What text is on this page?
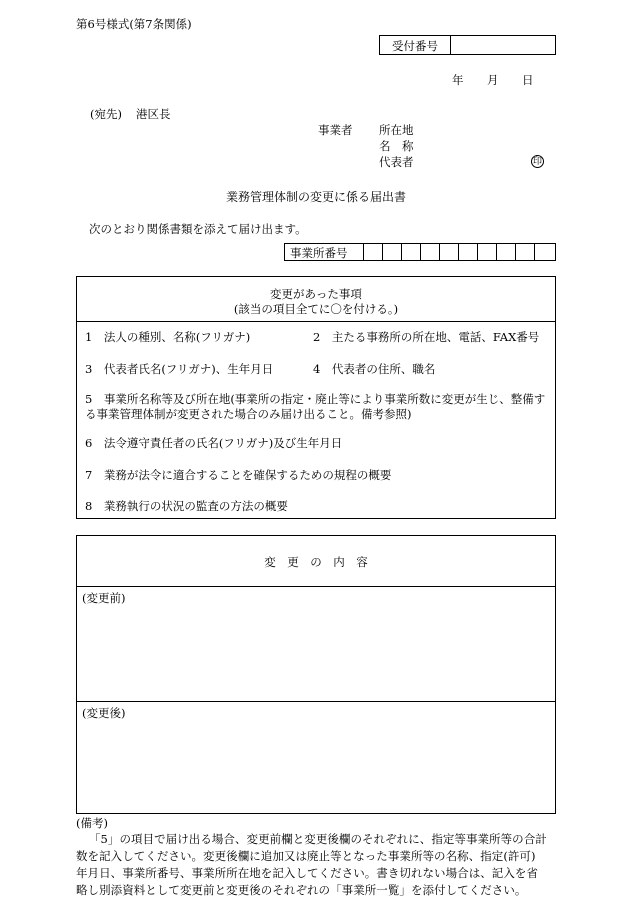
第6号様式(第7条関係)
受付番号
年 月 日
(宛先) 港区長
事業者 所在地
名　称
代表者	印
業務管理体制の変更に係る届出書
次のとおり関係書類を添えて届け出ます。
事業所番号
変更があった事項
(該当の項目全てに〇を付ける。)
1　法人の種別、名称(フリガナ)	2　主たる事務所の所在地、電話、FAX番号
3　代表者氏名(フリガナ)、生年月日	4　代表者の住所、職名
5　事業所名称等及び所在地(事業所の指定・廃止等により事業所数に変更が生じ、整備す
る事業管理体制が変更された場合のみ届け出ること。備考参照)
6　法令遵守責任者の氏名(フリガナ)及び生年月日
7　業務が法令に適合することを確保するための規程の概要
8　業務執行の状況の監査の方法の概要
変　更　の　内　容
(変更前)
(変更後)
(備考)

「5」の項目で届け出る場合、変更前欄と変更後欄のそれぞれに、指定等事業所等の合計

数を記入してください。変更後欄に追加又は廃止等となった事業所等の名称、指定(許可)

年月日、事業所番号、事業所所在地を記入してください。書き切れない場合は、記入を省

略し別添資料として変更前と変更後のそれぞれの「事業所一覧」を添付してください。
